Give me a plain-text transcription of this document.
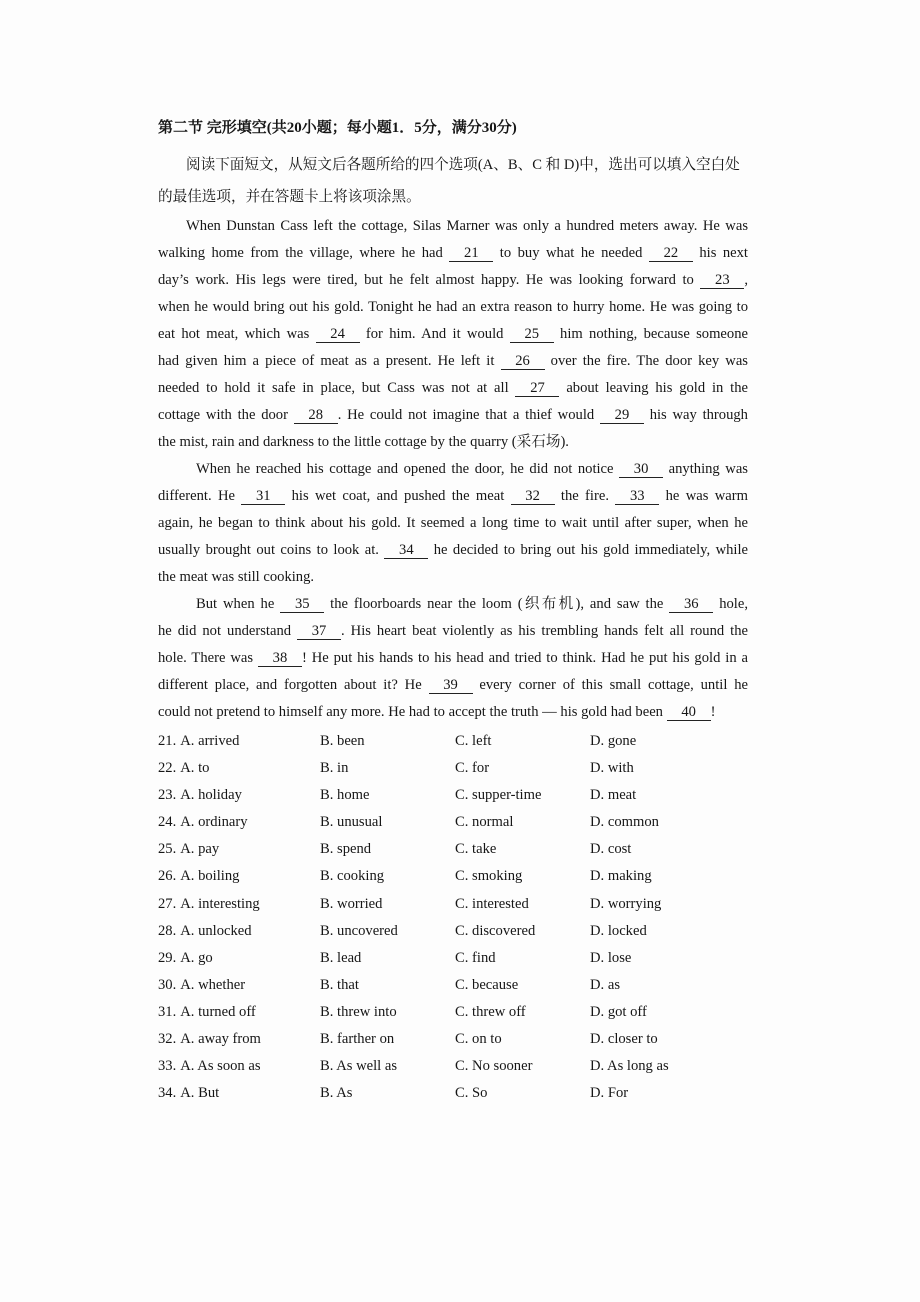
第二节 完形填空(共20小题；每小题1．5分，满分30分)
阅读下面短文，从短文后各题所给的四个选项(A、B、C 和 D)中，选出可以填入空白处
的最佳选项，并在答题卡上将该项涂黑。
When Dunstan Cass left the cottage, Silas Marner was only a hundred meters away. He was
walking home from the village, where he had 21 to buy what he needed 22 his next
day’s work. His legs were tired, but he felt almost happy. He was looking forward to 23 ,
when he would bring out his gold. Tonight he had an extra reason to hurry home. He was going to
eat hot meat, which was 24 for him. And it would 25 him nothing, because someone
had given him a piece of meat as a present. He left it 26 over the fire. The door key was
needed to hold it safe in place, but Cass was not at all 27 about leaving his gold in the
cottage with the door 28 . He could not imagine that a thief would 29 his way through
the mist, rain and darkness to the little cottage by the quarry (采石场).
When he reached his cottage and opened the door, he did not notice 30 anything was
different. He 31 his wet coat, and pushed the meat 32 the fire. 33 he was warm
again, he began to think about his gold. It seemed a long time to wait until after super, when he
usually brought out coins to look at. 34 he decided to bring out his gold immediately, while
the meat was still cooking.
But when he 35 the floorboards near the loom (织布机), and saw the 36 hole,
he did not understand 37 . His heart beat violently as his trembling hands felt all round the
hole. There was 38 ! He put his hands to his head and tried to think. Had he put his gold in a
different place, and forgotten about it? He 39 every corner of this small cottage, until he
could not pretend to himself any more. He had to accept the truth — his gold had been 40 !
21. A. arrived	B. been	C. left	D. gone
22. A. to	B. in	C. for	D. with
23. A. holiday	B. home	C. supper-time	D. meat
24. A. ordinary	B. unusual	C. normal	D. common
25. A. pay	B. spend	C. take	D. cost
26. A. boiling	B. cooking	C. smoking	D. making
27. A. interesting	B. worried	C. interested	D. worrying
28. A. unlocked	B. uncovered	C. discovered	D. locked
29. A. go	B. lead	C. find	D. lose
30. A. whether	B. that	C. because	D. as
31. A. turned off	B. threw into	C. threw off	D. got off
32. A. away from	B. farther on	C. on to	D. closer to
33. A. As soon as	B. As well as	C. No sooner	D. As long as
34. A. But	B. As	C. So	D. For
